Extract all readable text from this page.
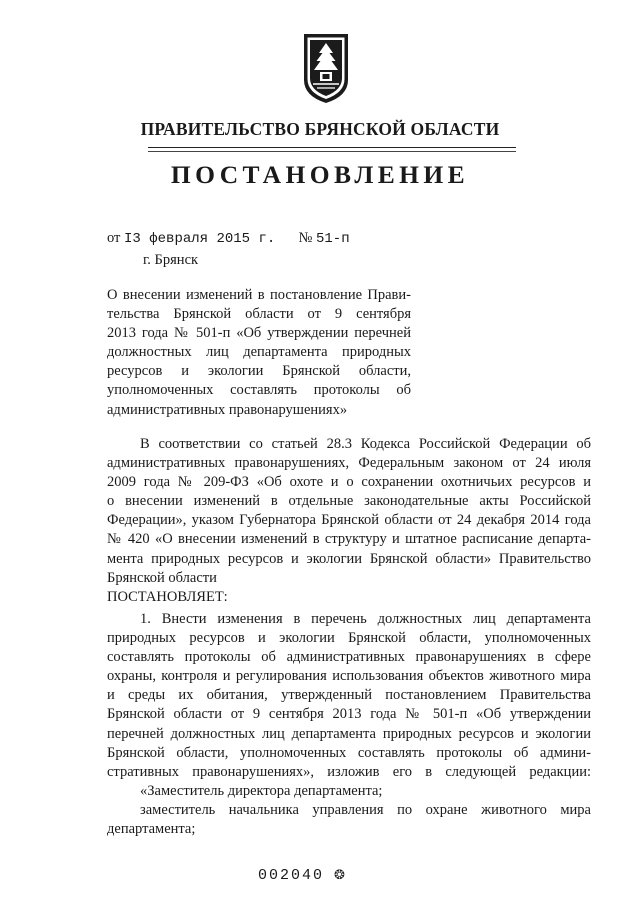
ПРАВИТЕЛЬСТВО БРЯНСКОЙ ОБЛАСТИ
ПОСТАНОВЛЕНИЕ
от I3 февраля 2015 г. № 51-п
г. Брянск
О внесении изменений в постановление Прави-
тельства Брянской области от 9 сентября
2013 года № 501-п «Об утверждении перечней
должностных лиц департамента природных
ресурсов и экологии Брянской области,
уполномоченных составлять протоколы об
административных правонарушениях»
В соответствии со статьей 28.3 Кодекса Российской Федерации об
административных правонарушениях, Федеральным законом от 24 июля
2009 года № 209-ФЗ «Об охоте и о сохранении охотничьих ресурсов и
о внесении изменений в отдельные законодательные акты Российской
Федерации», указом Губернатора Брянской области от 24 декабря 2014 года
№ 420 «О внесении изменений в структуру и штатное расписание департа-
мента природных ресурсов и экологии Брянской области» Правительство
Брянской области
ПОСТАНОВЛЯЕТ:
1. Внести изменения в перечень должностных лиц департамента
природных ресурсов и экологии Брянской области, уполномоченных
составлять протоколы об административных правонарушениях в сфере
охраны, контроля и регулирования использования объектов животного мира
и среды их обитания, утвержденный постановлением Правительства
Брянской области от 9 сентября 2013 года № 501-п «Об утверждении
перечней должностных лиц департамента природных ресурсов и экологии
Брянской области, уполномоченных составлять протоколы об админи-
стративных правонарушениях», изложив его в следующей редакции:
«Заместитель директора департамента;
заместитель начальника управления по охране животного мира
департамента;
002040 ❂
